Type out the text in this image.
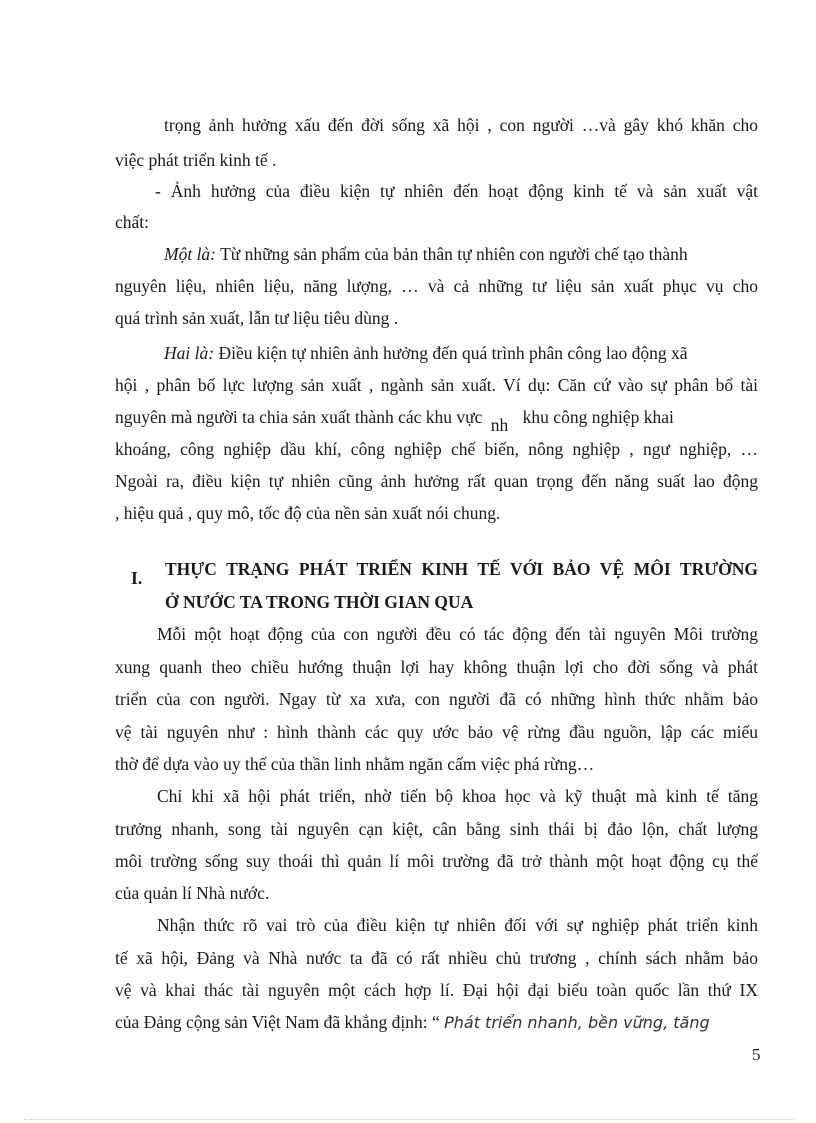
trọng ảnh hưởng xấu đến đời sống xã hội , con người …và gây khó khăn cho
việc phát triển kinh tế .
- Ảnh hưởng của điều kiện tự nhiên đến hoạt động kinh tế và sản xuất vật
chất:
Một là: Từ những sản phẩm của bản thân tự nhiên con người chế tạo thành
nguyên liệu, nhiên liệu, năng lượng, … và cả những tư liệu sản xuất phục vụ cho
quá trình sản xuất, lẫn tư liệu tiêu dùng .
Hai là: Điều kiện tự nhiên ảnh hưởng đến quá trình phân công lao động xã
hội , phân bố lực lượng sản xuất , ngành sản xuất. Ví dụ: Căn cứ vào sự phân bổ tài
nguyên mà người ta chia sản xuất thành các khu vực nh khu công nghiệp khai
khoáng, công nghiệp dầu khí, công nghiệp chế biến, nông nghiệp , ngư nghiệp, …
Ngoài ra, điều kiện tự nhiên cũng ảnh hưởng rất quan trọng đến năng suất lao động
, hiệu quả , quy mô, tốc độ của nền sản xuất nói chung.
I. THỰC TRẠNG PHÁT TRIỂN KINH TẾ VỚI BẢO VỆ MÔI TRƯỜNG
Ở NƯỚC TA TRONG THỜI GIAN QUA
Mỗi một hoạt động của con người đều có tác động đến tài nguyên Môi trường
xung quanh theo chiều hướng thuận lợi hay không thuận lợi cho đời sống và phát
triển của con người. Ngay từ xa xưa, con người đã có những hình thức nhằm bảo
vệ tài nguyên như : hình thành các quy ước bảo vệ rừng đầu nguồn, lập các miếu
thờ để dựa vào uy thế của thần linh nhằm ngăn cấm việc phá rừng…
Chỉ khi xã hội phát triển, nhờ tiến bộ khoa học và kỹ thuật mà kinh tế tăng
trưởng nhanh, song tài nguyên cạn kiệt, cân bằng sinh thái bị đảo lộn, chất lượng
môi trường sống suy thoái thì quản lí môi trường đã trở thành một hoạt động cụ thể
của quản lí Nhà nước.
Nhận thức rõ vai trò của điều kiện tự nhiên đối với sự nghiệp phát triển kinh
tế xã hội, Đảng và Nhà nước ta đã có rất nhiều chủ trương , chính sách nhằm bảo
vệ và khai thác tài nguyên một cách hợp lí. Đại hội đại biểu toàn quốc lần thứ IX
của Đảng cộng sản Việt Nam đã khẳng định: “ Phát triển nhanh, bền vững, tăng
5
